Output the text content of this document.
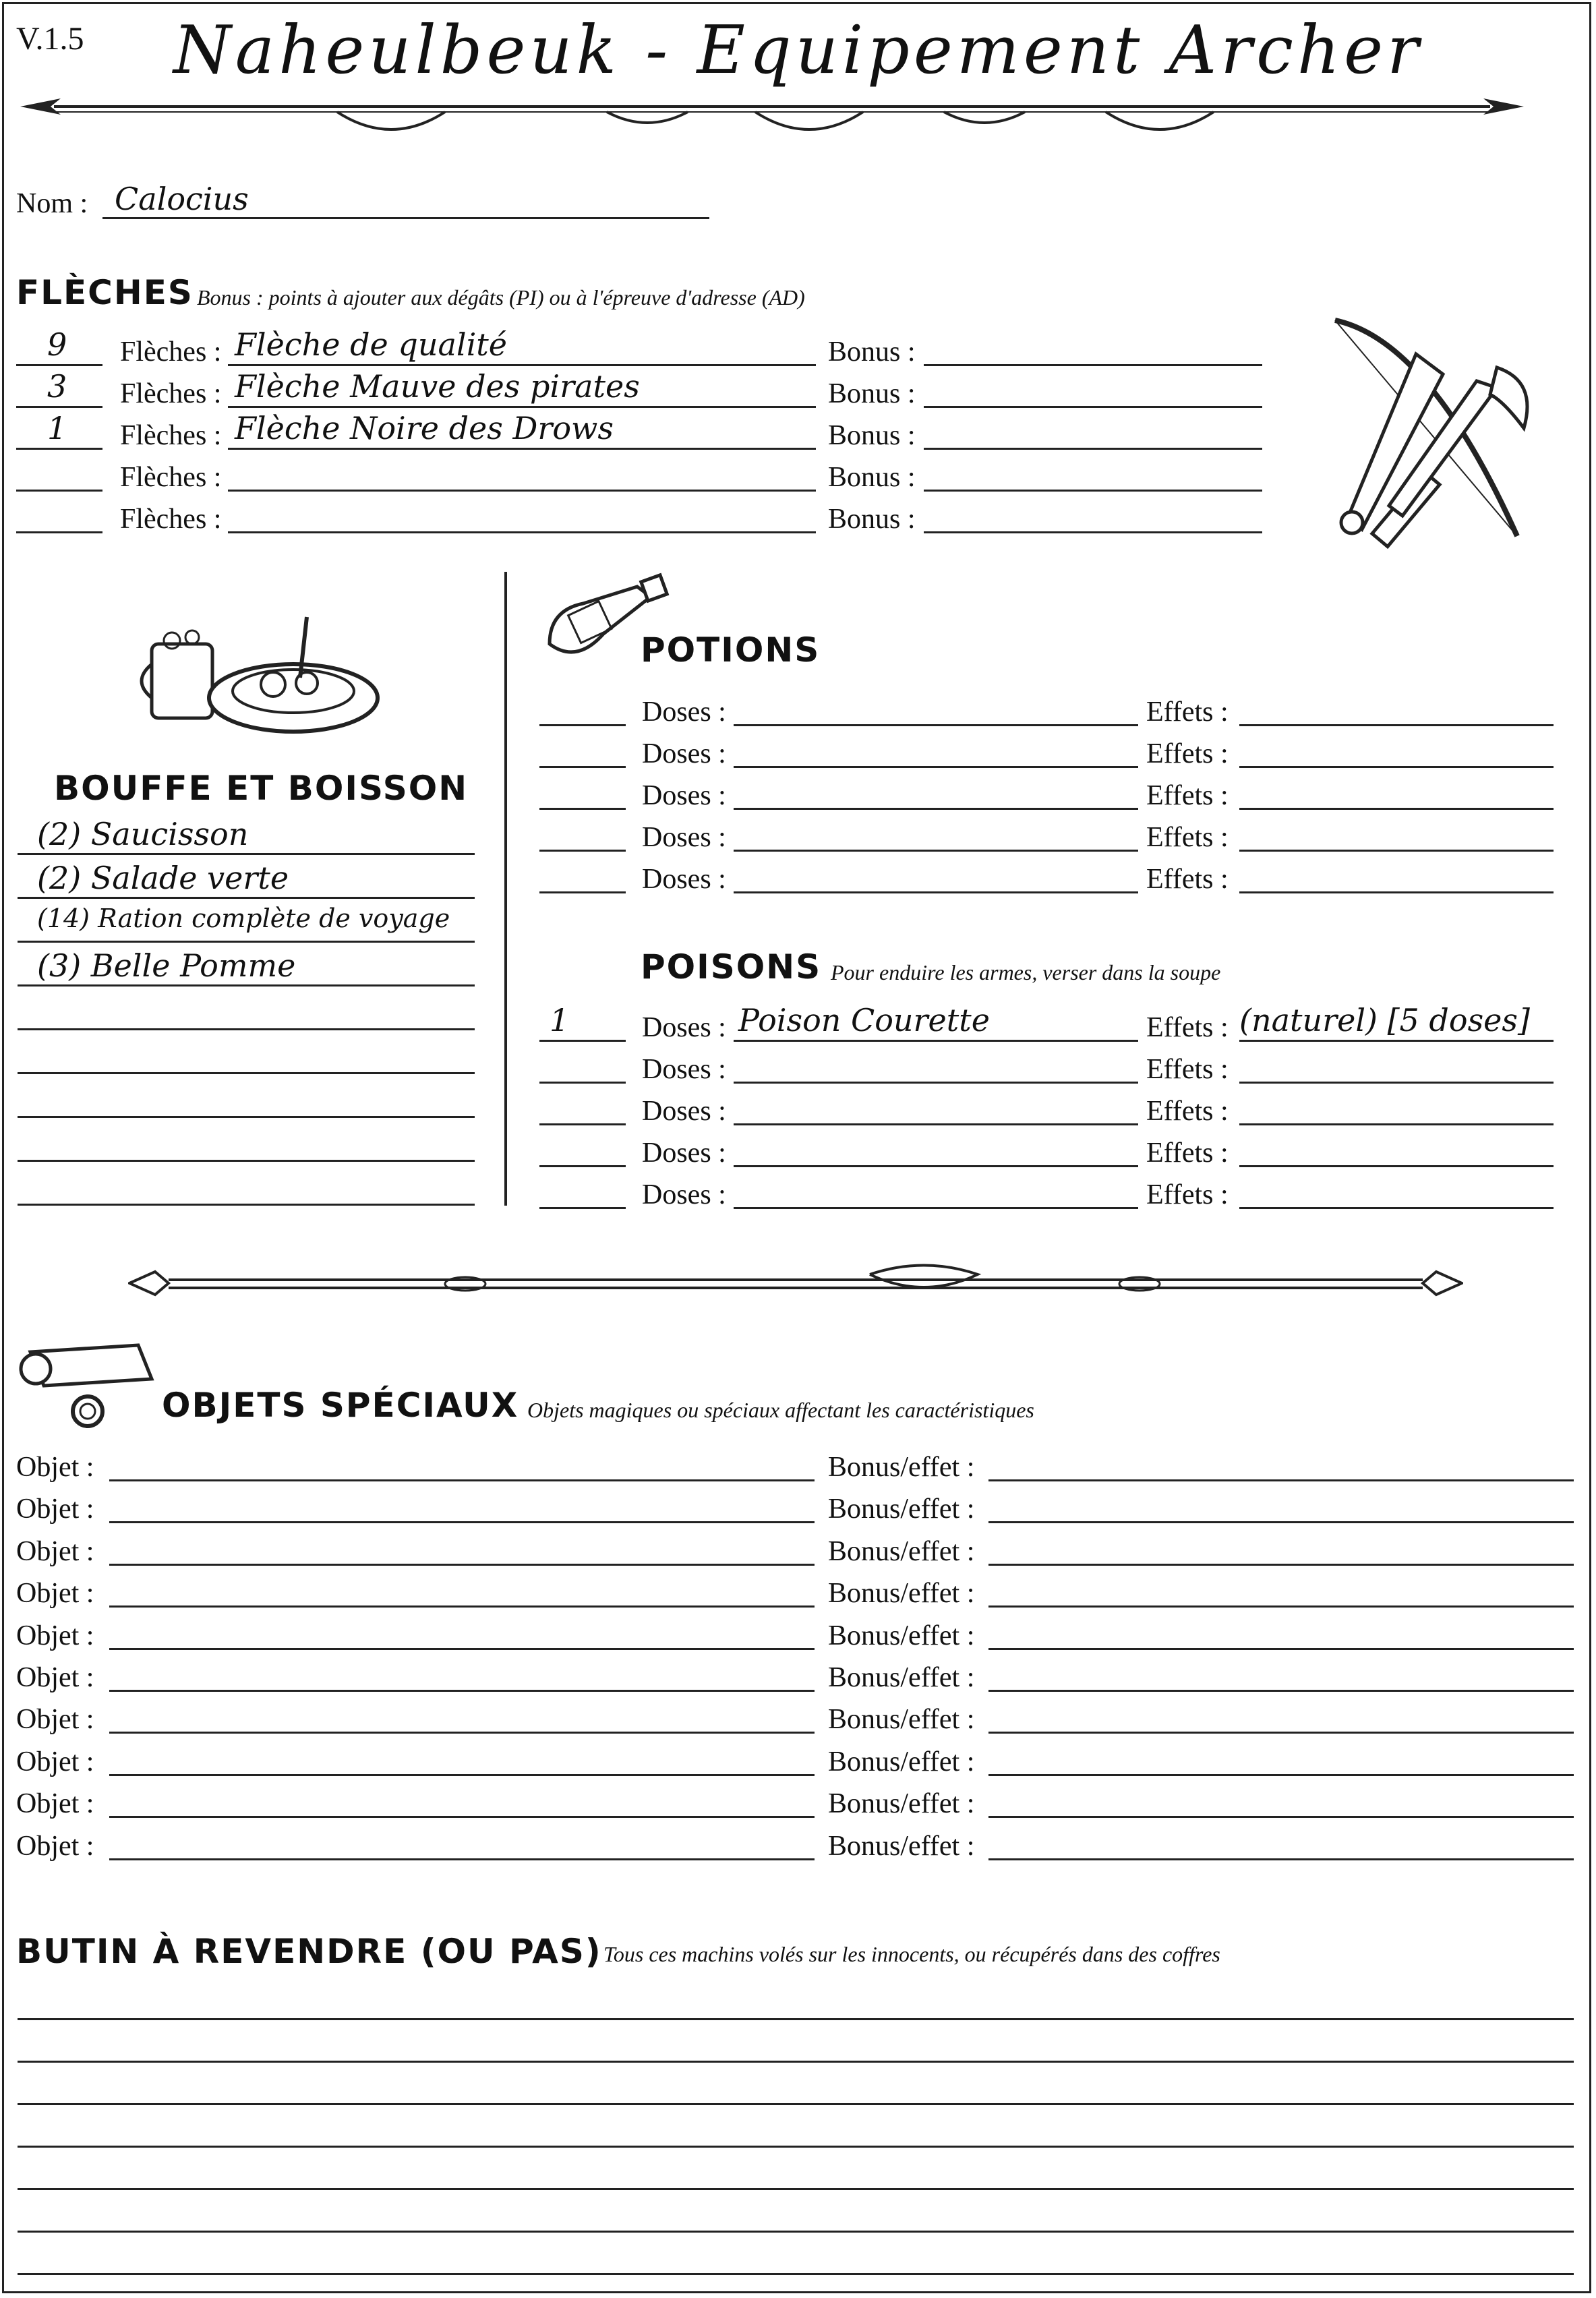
V.1.5	Naheulbeuk - Equipement Archer
Nom : Calocius
FLÈCHES Bonus : points à ajouter aux dégâts (PI) ou à l'épreuve d'adresse (AD)
9 Flèches : Flèche de qualité	Bonus :
3 Flèches : Flèche Mauve des pirates	Bonus :
1 Flèches : Flèche Noire des Drows	Bonus :
Flèches :	Bonus :
Flèches :	Bonus :
BOUFFE ET BOISSON
(2) Saucisson
(2) Salade verte
(14) Ration complète de voyage
(3) Belle Pomme
POTIONS
Doses :	Effets :
Doses :	Effets :
Doses :	Effets :
Doses :	Effets :
Doses :	Effets :
POISONS Pour enduire les armes, verser dans la soupe
1	Doses : Poison Courette	Effets : (naturel) [5 doses]
Doses :	Effets :
Doses :	Effets :
Doses :	Effets :
Doses :	Effets :
OBJETS SPÉCIAUX Objets magiques ou spéciaux affectant les caractéristiques
Objet :	Bonus/effet :
Objet :	Bonus/effet :
Objet :	Bonus/effet :
Objet :	Bonus/effet :
Objet :	Bonus/effet :
Objet :	Bonus/effet :
Objet :	Bonus/effet :
Objet :	Bonus/effet :
Objet :	Bonus/effet :
Objet :	Bonus/effet :
BUTIN À REVENDRE (OU PAS) Tous ces machins volés sur les innocents, ou récupérés dans des coffres
